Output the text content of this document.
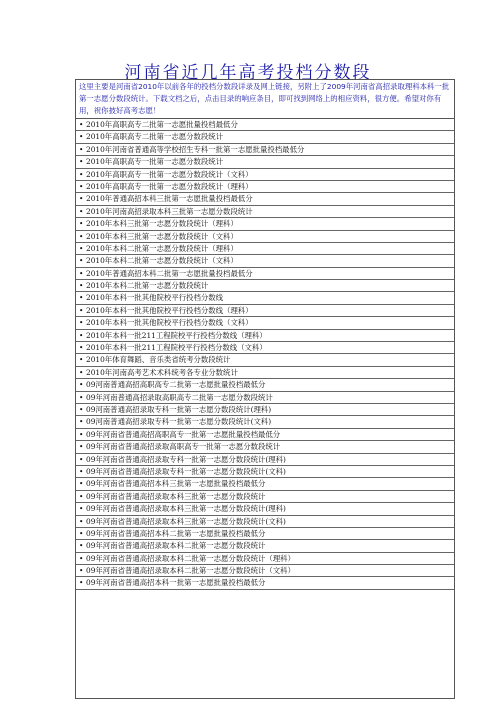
河南省近几年高考投档分数段
这里主要是河南省2010年以前各年的投档分数段详录及网上链接，另附上了2009年河南省高招录取理科本科一批第一志愿分数段统计。下载文档之后，点击目录的响应条目，即可找到网络上的相应资料，很方便。希望对你有用，祝你披好高考志愿！
• 2010年高职高专二批第一志愿批量投档最低分
• 2010年高职高专二批第一志愿分数段统计
• 2010年河南省普通高等学校招生专科一批第一志愿批量投档最低分
• 2010年高职高专一批第一志愿分数段统计
• 2010年高职高专一批第一志愿分数段统计（文科）
• 2010年高职高专一批第一志愿分数段统计（理科）
• 2010年普通高招本科三批第一志愿批量投档最低分
• 2010年河南高招录取本科三批第一志愿分数段统计
• 2010年本科三批第一志愿分数段统计（理科）
• 2010年本科三批第一志愿分数段统计（文科）
• 2010年本科二批第一志愿分数段统计（理科）
• 2010年本科二批第一志愿分数段统计（文科）
• 2010年普通高招本科二批第一志愿批量投档最低分
• 2010年本科二批第一志愿分数段统计
• 2010年本科一批其他院校平行投档分数线
• 2010年本科一批其他院校平行投档分数线（理科）
• 2010年本科一批其他院校平行投档分数线（文科）
• 2010年本科一批211工程院校平行投档分数线（理科）
• 2010年本科一批211工程院校平行投档分数线（文科）
• 2010年体育舞蹈、音乐类省统考分数段统计
• 2010年河南高考艺术术科统考各专业分数统计
• 09河南普通高招高职高专二批第一志愿批量投档最低分
• 09年河南普通高招录取高职高专二批第一志愿分数段统计
• 09河南普通高招录取专科一批第一志愿分数段统计(理科)
• 09河南普通高招录取专科一批第一志愿分数段统计(文科)
• 09年河南省普通高招高职高专一批第一志愿批量投档最低分
• 09年河南省普通高招录取高职高专一批第一志愿分数段统计
• 09年河南省普通高招录取专科一批第一志愿分数段统计(理科)
• 09年河南省普通高招录取专科一批第一志愿分数段统计(文科)
• 09年河南省普通高招本科三批第一志愿批量投档最低分
• 09年河南省普通高招录取本科三批第一志愿分数段统计
• 09年河南省普通高招录取本科三批第一志愿分数段统计(理科)
• 09年河南省普通高招录取本科三批第一志愿分数段统计(文科)
• 09年河南省普通高招本科二批第一志愿批量投档最低分
• 09年河南省普通高招录取本科二批第一志愿分数段统计
• 09年河南省普通高招录取本科二批第一志愿分数段统计（理科）
• 09年河南省普通高招录取本科二批第一志愿分数段统计（文科）
• 09年河南省普通高招本科一批第一志愿批量投档最低分
